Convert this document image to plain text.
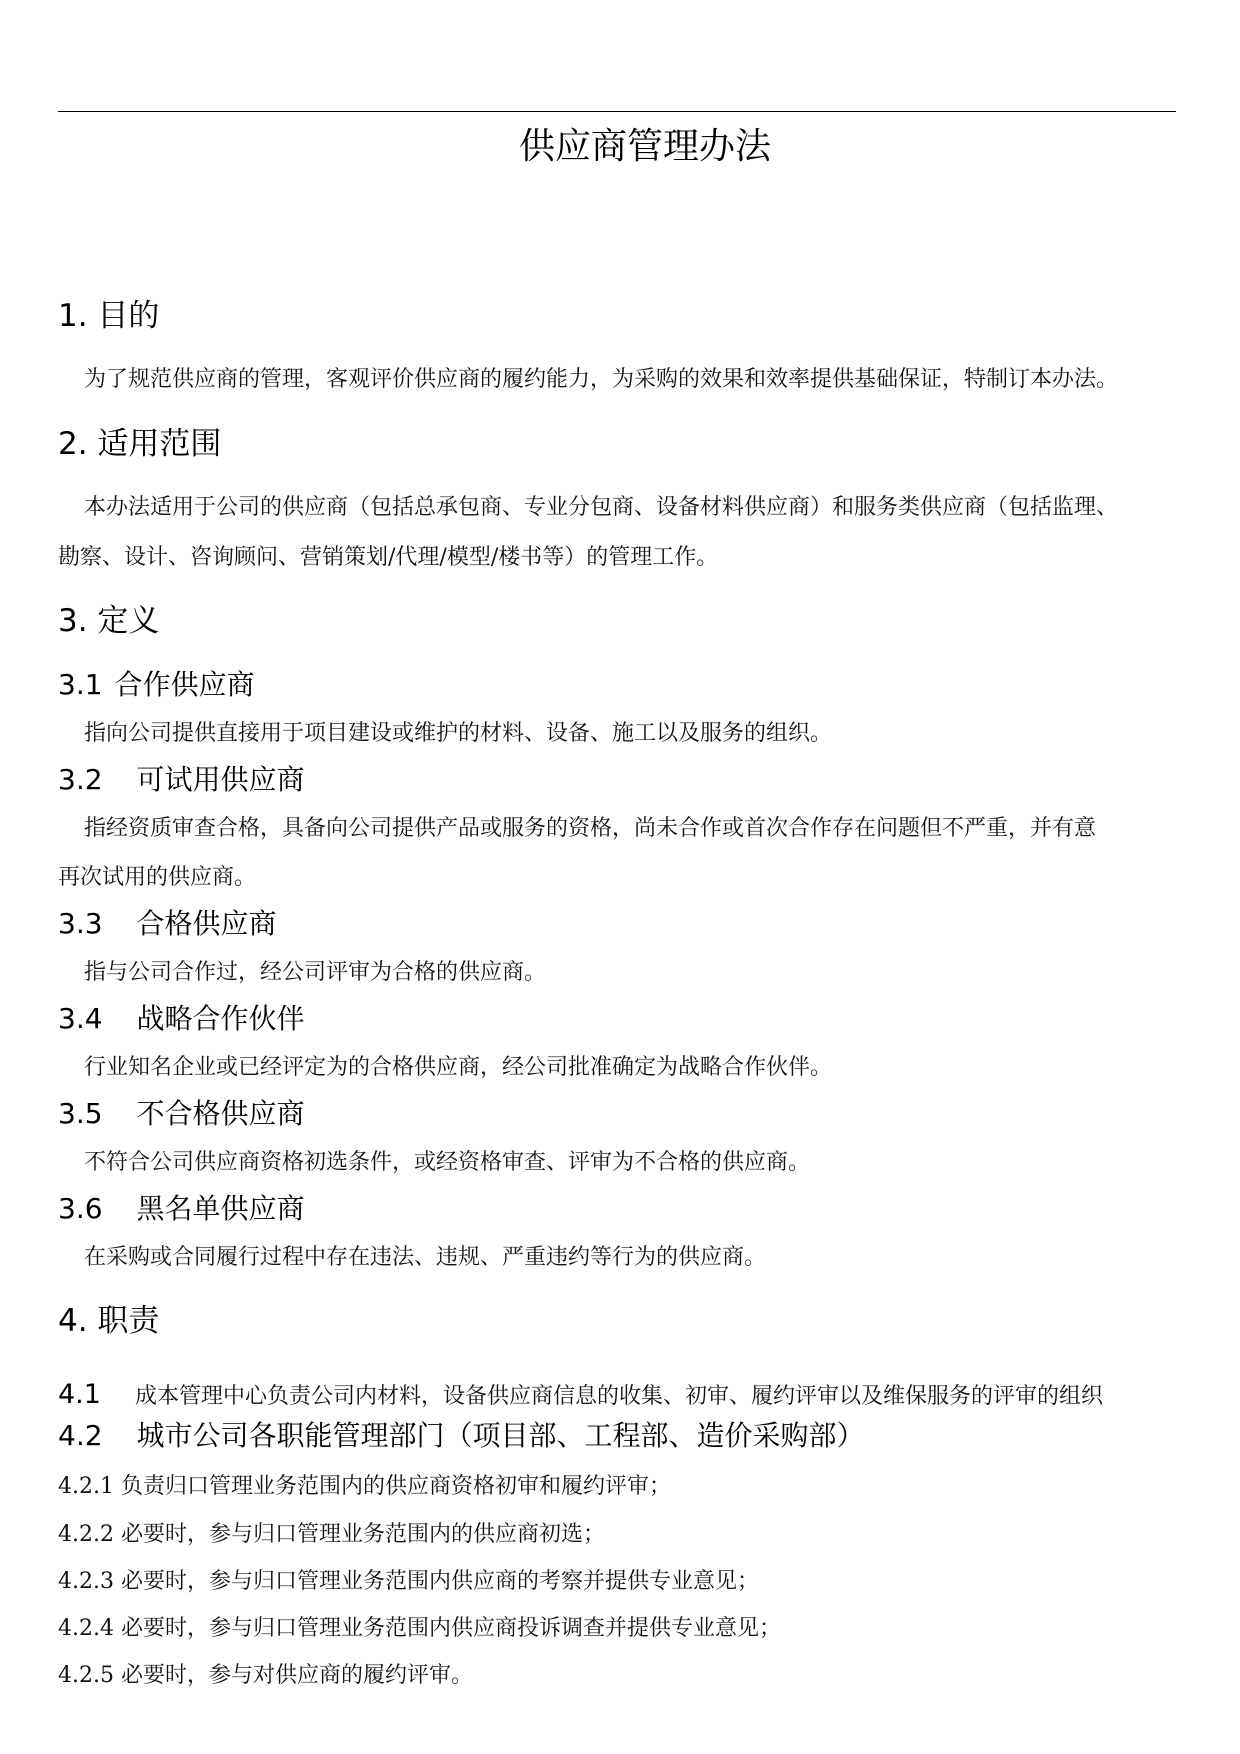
供应商管理办法
1. 目的
为了规范供应商的管理，客观评价供应商的履约能力，为采购的效果和效率提供基础保证，特制订本办法。
2. 适用范围
本办法适用于公司的供应商（包括总承包商、专业分包商、设备材料供应商）和服务类供应商（包括监理、
勘察、设计、咨询顾问、营销策划/代理/模型/楼书等）的管理工作。
3. 定义
3.1 合作供应商
指向公司提供直接用于项目建设或维护的材料、设备、施工以及服务的组织。
3.2 可试用供应商
指经资质审查合格，具备向公司提供产品或服务的资格，尚未合作或首次合作存在问题但不严重，并有意
再次试用的供应商。
3.3 合格供应商
指与公司合作过，经公司评审为合格的供应商。
3.4 战略合作伙伴
行业知名企业或已经评定为的合格供应商，经公司批准确定为战略合作伙伴。
3.5 不合格供应商
不符合公司供应商资格初选条件，或经资格审查、评审为不合格的供应商。
3.6 黑名单供应商
在采购或合同履行过程中存在违法、违规、严重违约等行为的供应商。
4. 职责
4.1 成本管理中心负责公司内材料，设备供应商信息的收集、初审、履约评审以及维保服务的评审的组织
4.2 城市公司各职能管理部门（项目部、工程部、造价采购部）
4.2.1 负责归口管理业务范围内的供应商资格初审和履约评审；
4.2.2 必要时，参与归口管理业务范围内的供应商初选；
4.2.3 必要时，参与归口管理业务范围内供应商的考察并提供专业意见；
4.2.4 必要时，参与归口管理业务范围内供应商投诉调查并提供专业意见；
4.2.5 必要时，参与对供应商的履约评审。
